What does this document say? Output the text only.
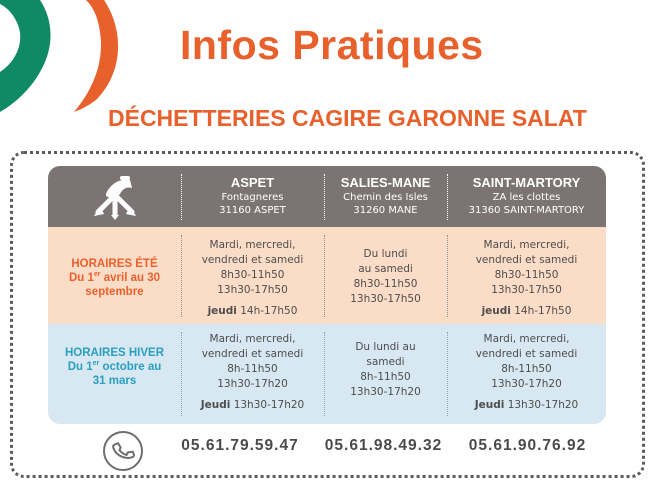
Infos Pratiques
DÉCHETTERIES CAGIRE GARONNE SALAT
ASPET
Fontagneres
31160 ASPET
SALIES-MANE
Chemin des Isles
31260 MANE
SAINT-MARTORY
ZA les clottes
31360 SAINT-MARTORY
HORAIRES ÉTÉ
Du 1er avril au 30
septembre
Mardi, mercredi,
vendredi et samedi
8h30-11h50
13h30-17h50
jeudi 14h-17h50
Du lundi
au samedi
8h30-11h50
13h30-17h50
Mardi, mercredi,
vendredi et samedi
8h30-11h50
13h30-17h50
jeudi 14h-17h50
HORAIRES HIVER
Du 1er octobre au
31 mars
Mardi, mercredi,
vendredi et samedi
8h-11h50
13h30-17h20
Jeudi 13h30-17h20
Du lundi au
samedi
8h-11h50
13h30-17h20
Mardi, mercredi,
vendredi et samedi
8h-11h50
13h30-17h20
Jeudi 13h30-17h20
05.61.79.59.47	05.61.98.49.32	05.61.90.76.92
